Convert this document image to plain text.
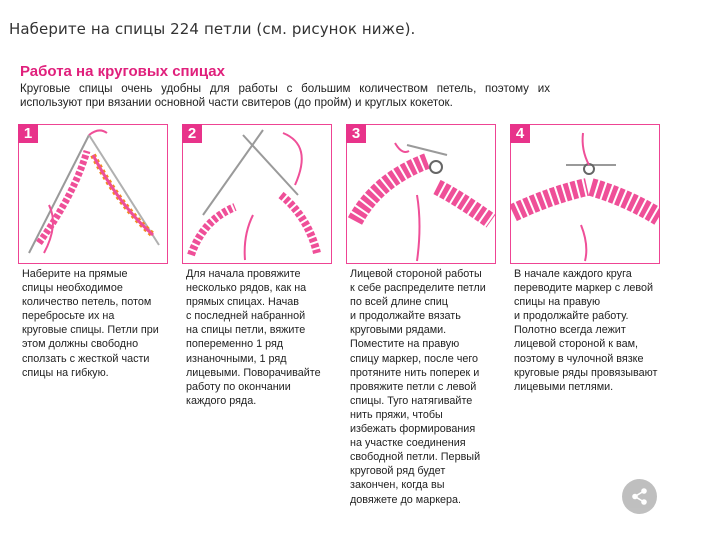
Наберите на спицы 224 петли (см. рисунок ниже).
Работа на круговых спицах
Круговые спицы очень удобны для работы с большим количеством петель, поэтому их используют при вязании основной части свитеров (до пройм) и круглых кокеток.
1	2	3	4
Наберите на прямые
спицы необходимое
количество петель, потом
перебросьте их на
круговые спицы. Петли при
этом должны свободно
сползать с жесткой части
спицы на гибкую.
Для начала провяжите
несколько рядов, как на
прямых спицах. Начав
с последней набранной
на спицы петли, вяжите
попеременно 1 ряд
изнаночными, 1 ряд
лицевыми. Поворачивайте
работу по окончании
каждого ряда.
Лицевой стороной работы
к себе распределите петли
по всей длине спиц
и продолжайте вязать
круговыми рядами.
Поместите на правую
спицу маркер, после чего
протяните нить поперек и
провяжите петли с левой
спицы. Туго натягивайте
нить пряжи, чтобы
избежать формирования
на участке соединения
свободной петли. Первый
круговой ряд будет
закончен, когда вы
довяжете до маркера.
В начале каждого круга
переводите маркер с левой
спицы на правую
и продолжайте работу.
Полотно всегда лежит
лицевой стороной к вам,
поэтому в чулочной вязке
круговые ряды провязывают
лицевыми петлями.
